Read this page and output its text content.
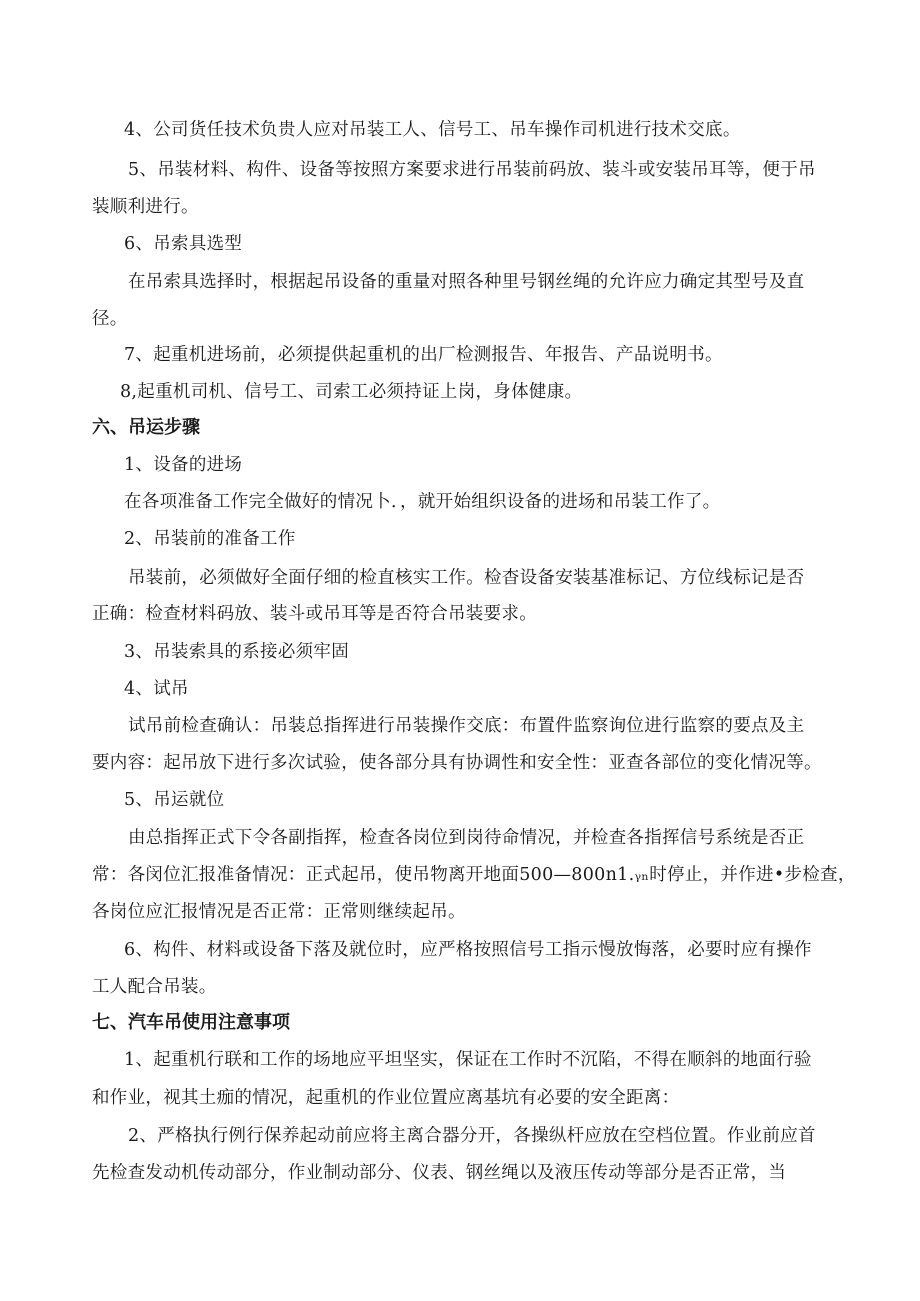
4、公司货任技术负贵人应对吊装工人、信号工、吊车操作司机进行技术交底。

5、吊装材料、构件、设备等按照方案要求进行吊装前码放、装斗或安装吊耳等，便于吊

装顺利进行。

6、吊索具选型

在吊索具选择时，根据起吊设备的重量对照各种里号钢丝绳的允许应力确定其型号及直

径。

7、起重机进场前，必须提供起重机的出厂检测报告、年报告、产品说明书。

8,起重机司机、信号工、司索工必须持证上岗，身体健康。

六、吊运步骤

1、设备的进场

在各项准备工作完全做好的情况卜．，就开始组织设备的进场和吊装工作了。

2、吊装前的准备工作

吊装前，必须做好全面仔细的检直核实工作。检杳设备安装基准标记、方位线标记是否

正确：检查材料码放、装斗或吊耳等是否符合吊装要求。

3、吊装索具的系接必须牢固

4、试吊

试吊前检查确认：吊装总指挥进行吊装操作交底：布置件监察询位进行监察的要点及主

要内容：起吊放下进行多次试验，使各部分具有协调性和安全性：亚查各部位的变化情况等。

5、吊运就位

由总指挥正式下令各副指挥，检查各岗位到岗待命情况，并检查各指挥信号系统是否正

常：各闵位汇报准备情况：正式起吊，使吊物离开地面500—800n1.ᵧₙ时停止，并作进•步检查，

各岗位应汇报情况是否正常：正常则继续起吊。

6、构件、材料或设备下落及就位时，应严格按照信号工指示慢放悔落，必要时应有操作

工人配合吊装。

七、汽车吊使用注意事项

1、起重机行联和工作的场地应平坦坚实，保证在工作时不沉陷，不得在顺斜的地面行验

和作业，视其土痂的情况，起重机的作业位置应离基坑有必要的安全距离：

2、严格执行例行保养起动前应将主离合器分开，各操纵杆应放在空档位置。作业前应首

先检查发动机传动部分，作业制动部分、仪表、钢丝绳以及液压传动等部分是否正常，当
